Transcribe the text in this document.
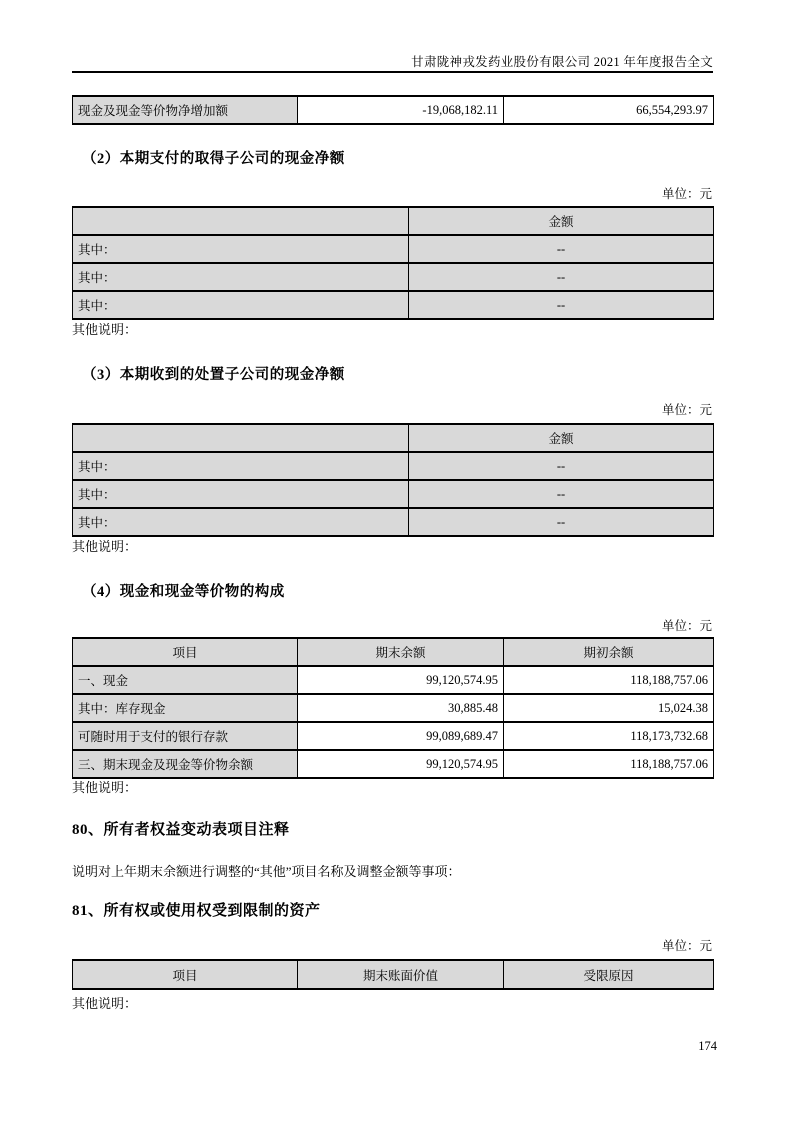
甘肃陇神戎发药业股份有限公司 2021 年年度报告全文
现金及现金等价物净增加额	-19,068,182.11	66,554,293.97
（2）本期支付的取得子公司的现金净额
单位：元
	金额
其中：	--
其中：	--
其中：	--
其他说明：
（3）本期收到的处置子公司的现金净额
单位：元
	金额
其中：	--
其中：	--
其中：	--
其他说明：
（4）现金和现金等价物的构成
单位：元
项目	期末余额	期初余额
一、现金	99,120,574.95	118,188,757.06
其中：库存现金	30,885.48	15,024.38
可随时用于支付的银行存款	99,089,689.47	118,173,732.68
三、期末现金及现金等价物余额	99,120,574.95	118,188,757.06
其他说明：
80、所有者权益变动表项目注释
说明对上年期末余额进行调整的“其他”项目名称及调整金额等事项：
81、所有权或使用权受到限制的资产
单位：元
项目	期末账面价值	受限原因
其他说明：
174
